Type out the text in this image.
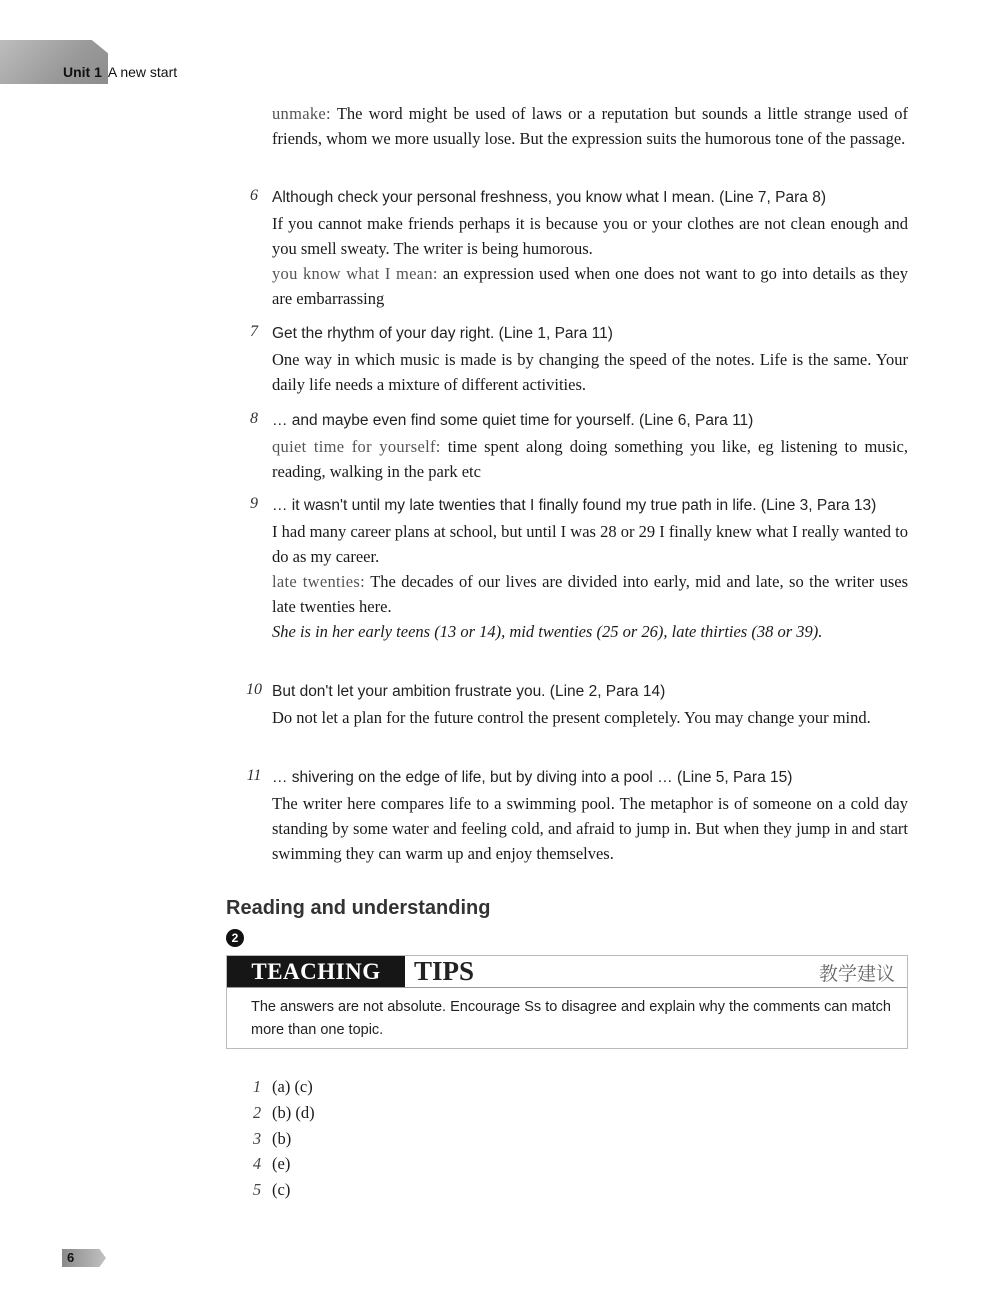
Unit 1 A new start

unmake: The word might be used of laws or a reputation but sounds a little strange used of friends, whom we more usually lose. But the expression suits the humorous tone of the passage.

6 Although check your personal freshness, you know what I mean. (Line 7, Para 8)

If you cannot make friends perhaps it is because you or your clothes are not clean enough and you smell sweaty. The writer is being humorous.

you know what I mean: an expression used when one does not want to go into details as they are embarrassing

7 Get the rhythm of your day right. (Line 1, Para 11)

One way in which music is made is by changing the speed of the notes. Life is the same. Your daily life needs a mixture of different activities.

8 … and maybe even find some quiet time for yourself. (Line 6, Para 11)

quiet time for yourself: time spent along doing something you like, eg listening to music, reading, walking in the park etc

9 … it wasn't until my late twenties that I finally found my true path in life. (Line 3, Para 13)

I had many career plans at school, but until I was 28 or 29 I finally knew what I really wanted to do as my career.

late twenties: The decades of our lives are divided into early, mid and late, so the writer uses late twenties here.

She is in her early teens (13 or 14), mid twenties (25 or 26), late thirties (38 or 39).

10 But don't let your ambition frustrate you. (Line 2, Para 14)

Do not let a plan for the future control the present completely. You may change your mind.

11 … shivering on the edge of life, but by diving into a pool … (Line 5, Para 15)

The writer here compares life to a swimming pool. The metaphor is of someone on a cold day standing by some water and feeling cold, and afraid to jump in. But when they jump in and start swimming they can warm up and enjoy themselves.

Reading and understanding
2
TEACHING	TIPS	教学建议

The answers are not absolute. Encourage Ss to disagree and explain why the comments can match more than one topic.

1 (a) (c)
2 (b) (d)
3 (b)
4 (e)
5 (c)
6
